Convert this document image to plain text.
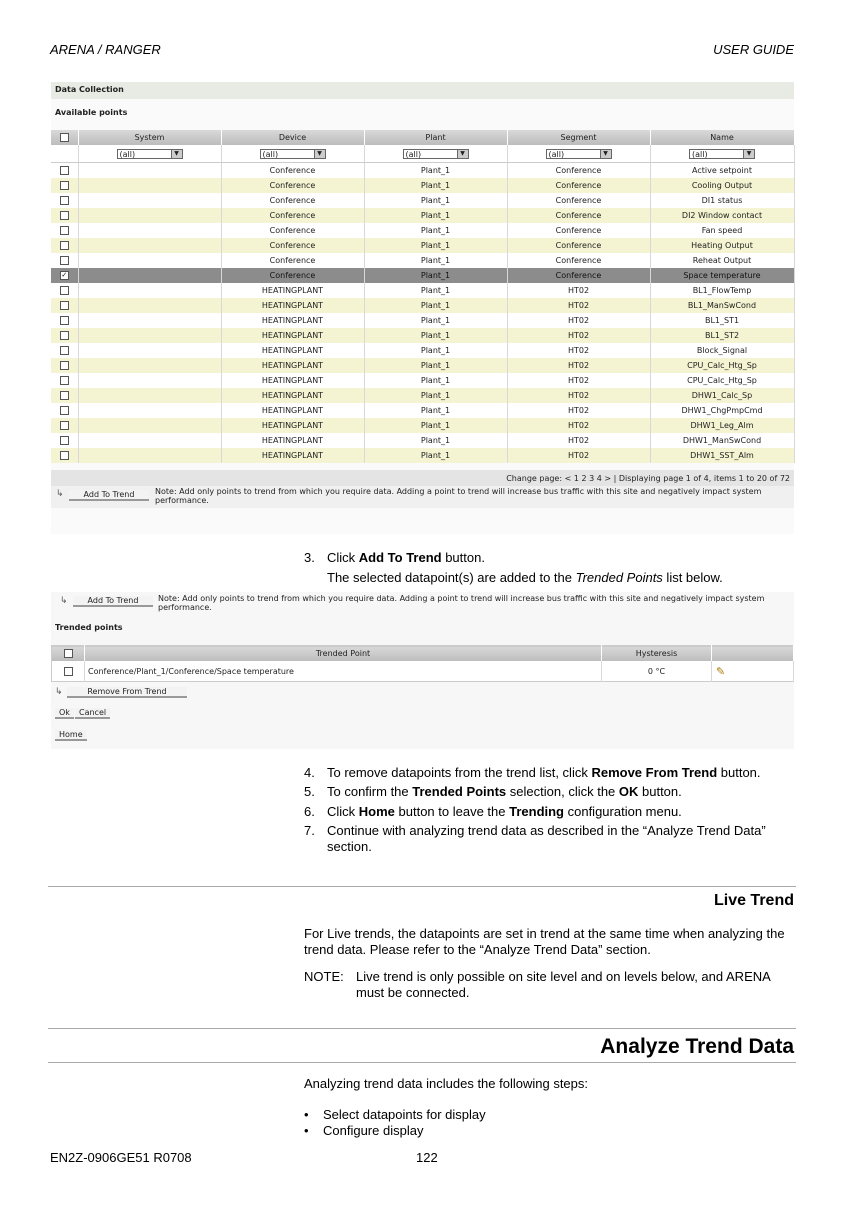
ARENA / RANGER	USER GUIDE
Data Collection
Available points
	System	Device	Plant	Segment	Name
	(all) ▼	(all) ▼	(all) ▼	(all) ▼	(all) ▼

		Conference	Plant_1	Conference	Active setpoint
		Conference	Plant_1	Conference	Cooling Output
		Conference	Plant_1	Conference	DI1 status
		Conference	Plant_1	Conference	DI2 Window contact
		Conference	Plant_1	Conference	Fan speed
		Conference	Plant_1	Conference	Heating Output
		Conference	Plant_1	Conference	Reheat Output
✓		Conference	Plant_1	Conference	Space temperature
		HEATINGPLANT	Plant_1	HT02	BL1_FlowTemp
		HEATINGPLANT	Plant_1	HT02	BL1_ManSwCond
		HEATINGPLANT	Plant_1	HT02	BL1_ST1
		HEATINGPLANT	Plant_1	HT02	BL1_ST2
		HEATINGPLANT	Plant_1	HT02	Block_Signal
		HEATINGPLANT	Plant_1	HT02	CPU_Calc_Htg_Sp
		HEATINGPLANT	Plant_1	HT02	CPU_Calc_Htg_Sp
		HEATINGPLANT	Plant_1	HT02	DHW1_Calc_Sp
		HEATINGPLANT	Plant_1	HT02	DHW1_ChgPmpCmd
		HEATINGPLANT	Plant_1	HT02	DHW1_Leg_Alm
		HEATINGPLANT	Plant_1	HT02	DHW1_ManSwCond
		HEATINGPLANT	Plant_1	HT02	DHW1_SST_Alm
Change page: < 1 2 3 4 > | Displaying page 1 of 4, items 1 to 20 of 72
↳	Add To Trend	Note: Add only points to trend from which you require data. Adding a point to trend will increase bus traffic with this site and negatively impact system performance.
3. Click Add To Trend button.
The selected datapoint(s) are added to the Trended Points list below.
↳	Add To Trend	Note: Add only points to trend from which you require data. Adding a point to trend will increase bus traffic with this site and negatively impact system performance.
Trended points
	Trended Point	Hysteresis	
	Conference/Plant_1/Conference/Space temperature	0 °C	✎
↳	Remove From Trend
Ok	Cancel
Home
4. To remove datapoints from the trend list, click Remove From Trend button.
5. To confirm the Trended Points selection, click the OK button.
6. Click Home button to leave the Trending configuration menu.
7. Continue with analyzing trend data as described in the “Analyze Trend Data” section.
Live Trend
For Live trends, the datapoints are set in trend at the same time when analyzing the trend data. Please refer to the “Analyze Trend Data” section.
NOTE: Live trend is only possible on site level and on levels below, and ARENA must be connected.
Analyze Trend Data
Analyzing trend data includes the following steps:
• Select datapoints for display
• Configure display
EN2Z-0906GE51 R0708	122
